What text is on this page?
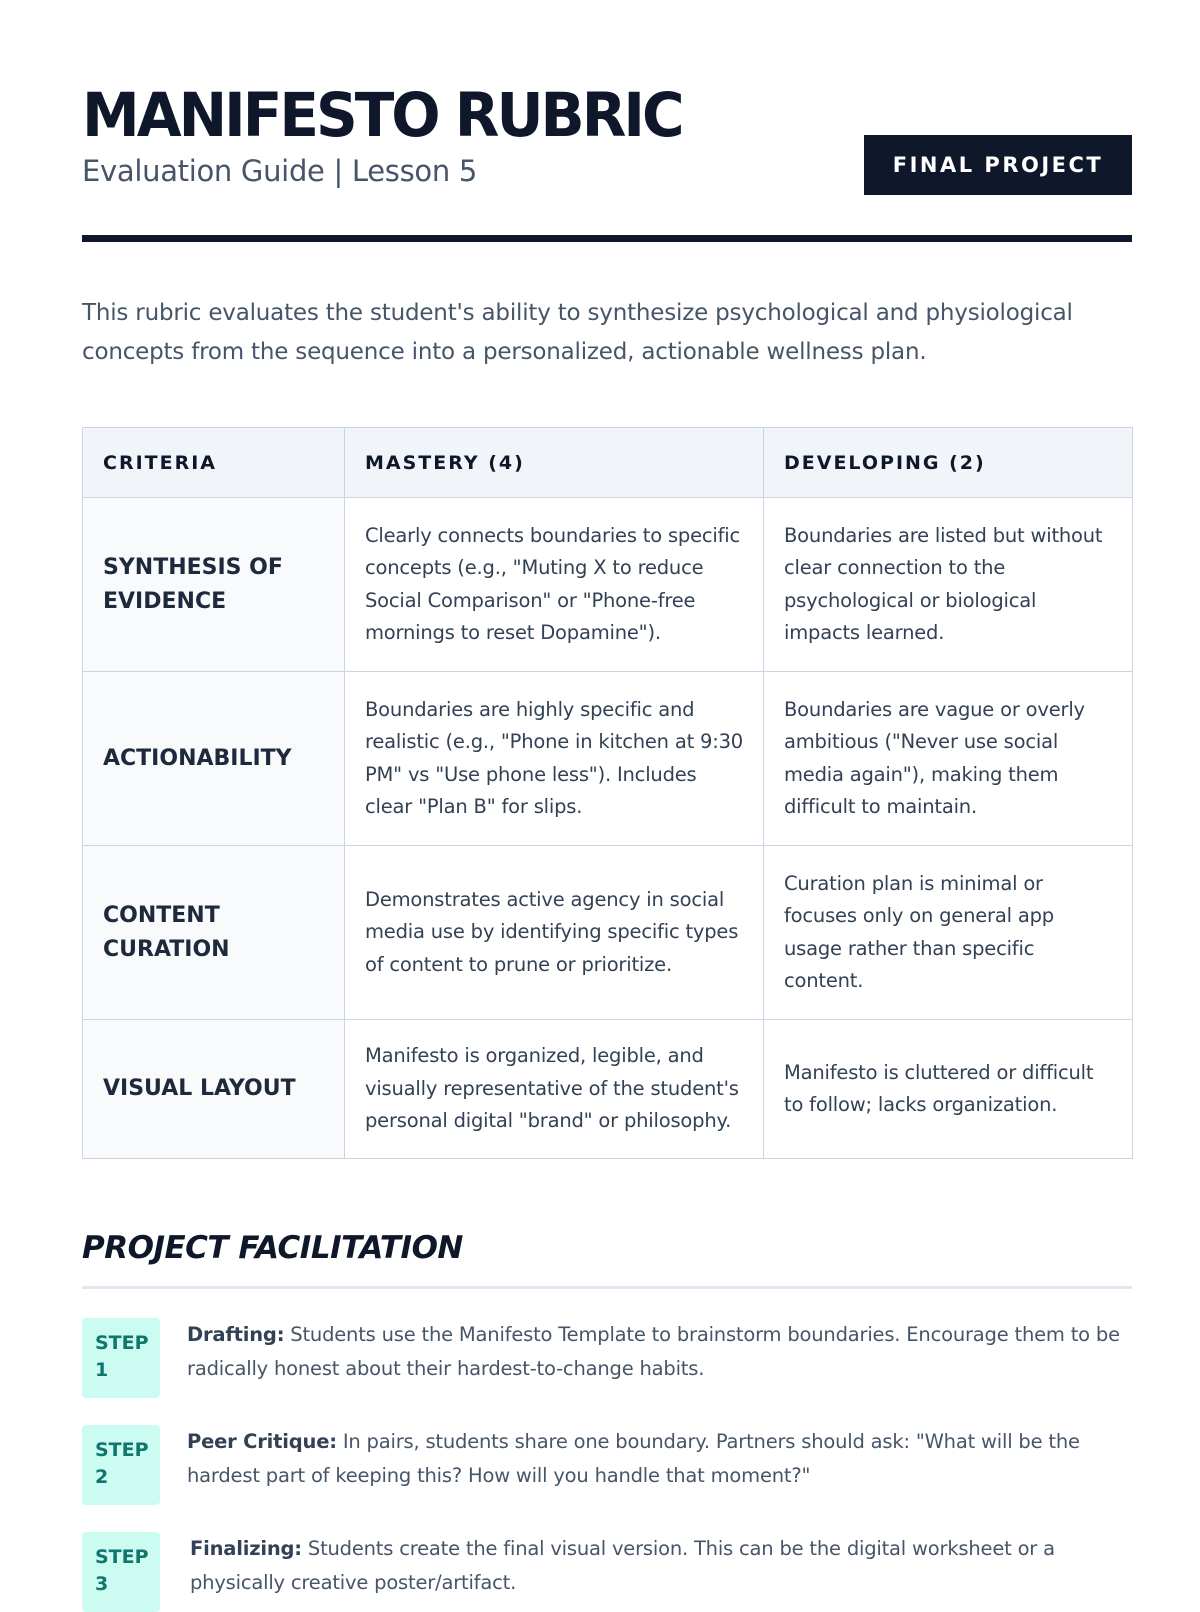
MANIFESTO RUBRIC
Evaluation Guide | Lesson 5	FINAL PROJECT

This rubric evaluates the student's ability to synthesize psychological and physiological concepts from the sequence into a personalized, actionable wellness plan.

CRITERIA	MASTERY (4)	DEVELOPING (2)
SYNTHESIS OF EVIDENCE	Clearly connects boundaries to specific concepts (e.g., "Muting X to reduce Social Comparison" or "Phone-free mornings to reset Dopamine").	Boundaries are listed but without clear connection to the psychological or biological impacts learned.
ACTIONABILITY	Boundaries are highly specific and realistic (e.g., "Phone in kitchen at 9:30 PM" vs "Use phone less"). Includes clear "Plan B" for slips.	Boundaries are vague or overly ambitious ("Never use social media again"), making them difficult to maintain.
CONTENT CURATION	Demonstrates active agency in social media use by identifying specific types of content to prune or prioritize.	Curation plan is minimal or focuses only on general app usage rather than specific content.
VISUAL LAYOUT	Manifesto is organized, legible, and visually representative of the student's personal digital "brand" or philosophy.	Manifesto is cluttered or difficult to follow; lacks organization.
PROJECT FACILITATION
STEP
1
Drafting: Students use the Manifesto Template to brainstorm boundaries. Encourage them to be radically honest about their hardest-to-change habits.
STEP
2
Peer Critique: In pairs, students share one boundary. Partners should ask: "What will be the hardest part of keeping this? How will you handle that moment?"
STEP
3
Finalizing: Students create the final visual version. This can be the digital worksheet or a physically creative poster/artifact.
